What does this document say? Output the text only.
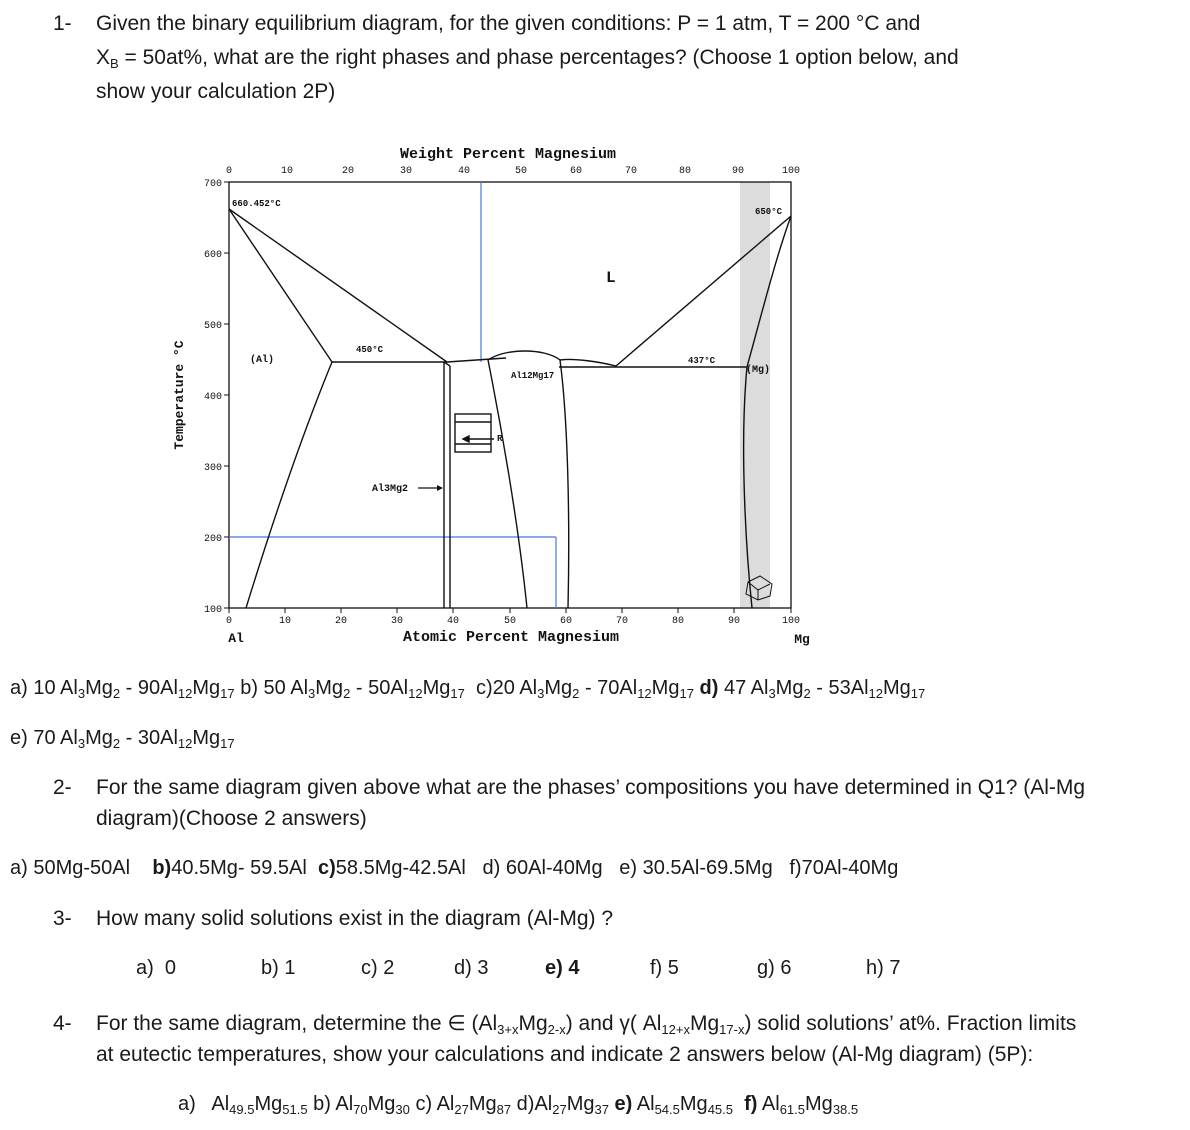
1- Given the binary equilibrium diagram, for the given conditions: P = 1 atm, T = 200 °C and
$X_B = 50at\%$, what are the right phases and phase percentages? (Choose 1 option below, and
show your calculation 2P)
Weight Percent Magnesium
0	10	20	30	40	50	60	70	80	90	100
700
600
500
400
300
200
100
Temperature °C
0	10	20	30	40	50	60	70	80	90	100
Al	Atomic Percent Magnesium	Mg
660.452°C
650°C
L
(Al)
450°C
437°C
(Mg)
Al12Mg17
R
Al3Mg2
a) 10 $Al_3Mg_2 - 90Al_{12}Mg_{17}$ b) 50 $Al_3Mg_2 - 50Al_{12}Mg_{17}$ c)20 $Al_3Mg_2 - 70Al_{12}Mg_{17}$ d) 47 $Al_3Mg_2 - 53Al_{12}Mg_{17}$
e) 70 $Al_3Mg_2 - 30Al_{12}Mg_{17}$
2- For the same diagram given above what are the phases’ compositions you have determined in Q1? (Al-Mg
diagram)(Choose 2 answers)
a) 50Mg-50Al b)40.5Mg- 59.5Al c)58.5Mg-42.5Al d) 60Al-40Mg e) 30.5Al-69.5Mg f)70Al-40Mg
3- How many solid solutions exist in the diagram (Al-Mg) ?
a) 0	b) 1	c) 2	d) 3	e) 4	f) 5	g) 6	h) 7
4- For the same diagram, determine the ∈ $(Al_{3+x}Mg_{2-x})$ and γ( $Al_{12+x}Mg_{17-x}$) solid solutions’ at%. Fraction limits
at eutectic temperatures, show your calculations and indicate 2 answers below (Al-Mg diagram) (5P):
a)   $Al_{49.5}Mg_{51.5}$ b) $Al_{70}Mg_{30}$ c) $Al_{27}Mg_{87}$ $d)Al_{27}Mg_{37}$ e) $Al_{54.5}Mg_{45.5}$ f) $Al_{61.5}Mg_{38.5}$
